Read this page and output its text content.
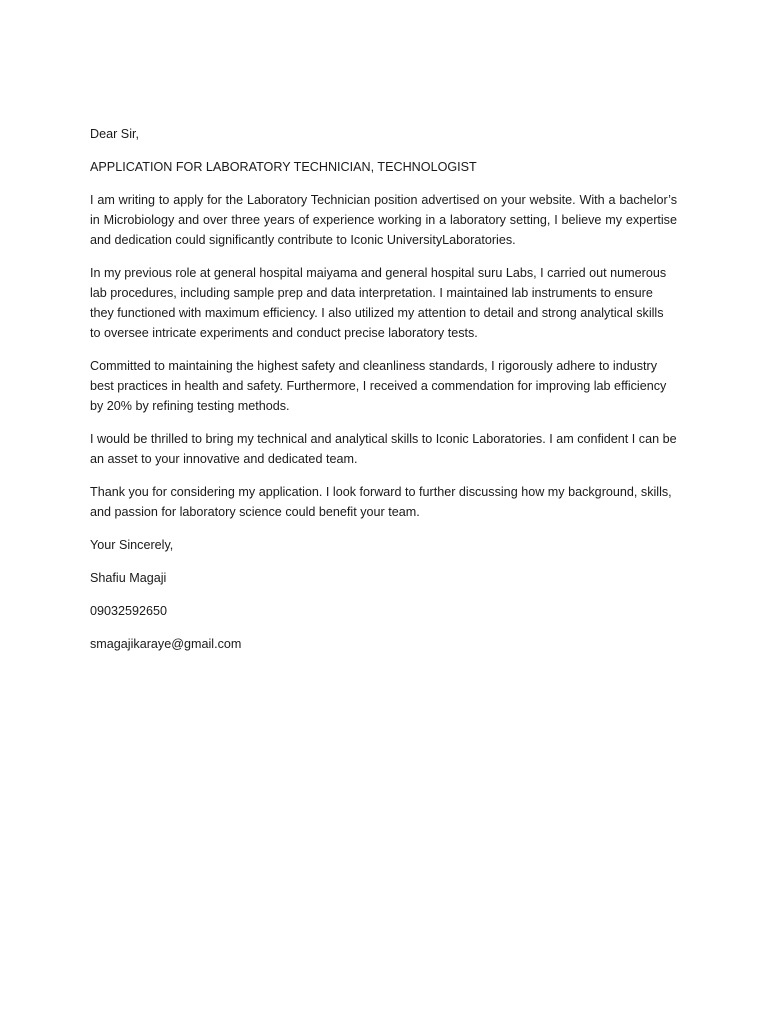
Dear Sir,

APPLICATION FOR LABORATORY TECHNICIAN, TECHNOLOGIST

I am writing to apply for the Laboratory Technician position advertised on your website. With a bachelor’s in Microbiology and over three years of experience working in a laboratory setting, I believe my expertise and dedication could significantly contribute to Iconic UniversityLaboratories.

In my previous role at general hospital maiyama and general hospital suru Labs, I carried out numerous lab procedures, including sample prep and data interpretation. I maintained lab instruments to ensure they functioned with maximum efficiency. I also utilized my attention to detail and strong analytical skills to oversee intricate experiments and conduct precise laboratory tests.

Committed to maintaining the highest safety and cleanliness standards, I rigorously adhere to industry best practices in health and safety. Furthermore, I received a commendation for improving lab efficiency by 20% by refining testing methods.

I would be thrilled to bring my technical and analytical skills to Iconic Laboratories. I am confident I can be an asset to your innovative and dedicated team.

Thank you for considering my application. I look forward to further discussing how my background, skills, and passion for laboratory science could benefit your team.

Your Sincerely,

Shafiu Magaji

09032592650

smagajikaraye@gmail.com
